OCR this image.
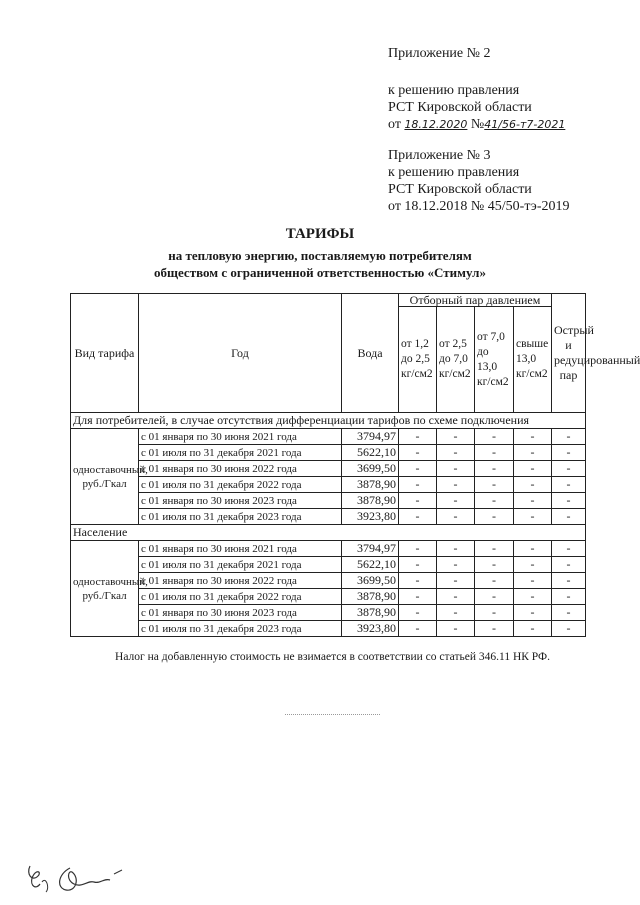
Приложение № 2
к решению правления
РСТ Кировской области
от 18.12.2020 №41/56-т7-2021
Приложение № 3
к решению правления
РСТ Кировской области
от 18.12.2018 № 45/50-тэ-2019
ТАРИФЫ
на тепловую энергию, поставляемую потребителям
обществом с ограниченной ответственностью «Стимул»
Вид тарифа	Год	Вода	Отборный пар давлением				Острый и редуцированный пар
			от 1,2 до 2,5 кг/см2	от 2,5 до 7,0 кг/см2	от 7,0 до 13,0 кг/см2	свыше 13,0 кг/см2	
Для потребителей, в случае отсутствия дифференциации тарифов по схеме подключения							
одноставочный, руб./Гкал	с 01 января по 30 июня 2021 года	3794,97	-	-	-	-	-
	с 01 июля по 31 декабря 2021 года	5622,10	-	-	-	-	-
	с 01 января по 30 июня 2022 года	3699,50	-	-	-	-	-
	с 01 июля по 31 декабря 2022 года	3878,90	-	-	-	-	-
	с 01 января по 30 июня 2023 года	3878,90	-	-	-	-	-
	с 01 июля по 31 декабря 2023 года	3923,80	-	-	-	-	-
Население							
одноставочный, руб./Гкал	с 01 января по 30 июня 2021 года	3794,97	-	-	-	-	-
	с 01 июля по 31 декабря 2021 года	5622,10	-	-	-	-	-
	с 01 января по 30 июня 2022 года	3699,50	-	-	-	-	-
	с 01 июля по 31 декабря 2022 года	3878,90	-	-	-	-	-
	с 01 января по 30 июня 2023 года	3878,90	-	-	-	-	-
	с 01 июля по 31 декабря 2023 года	3923,80	-	-	-	-	-
Налог на добавленную стоимость не взимается в соответствии со статьей 346.11 НК РФ.
